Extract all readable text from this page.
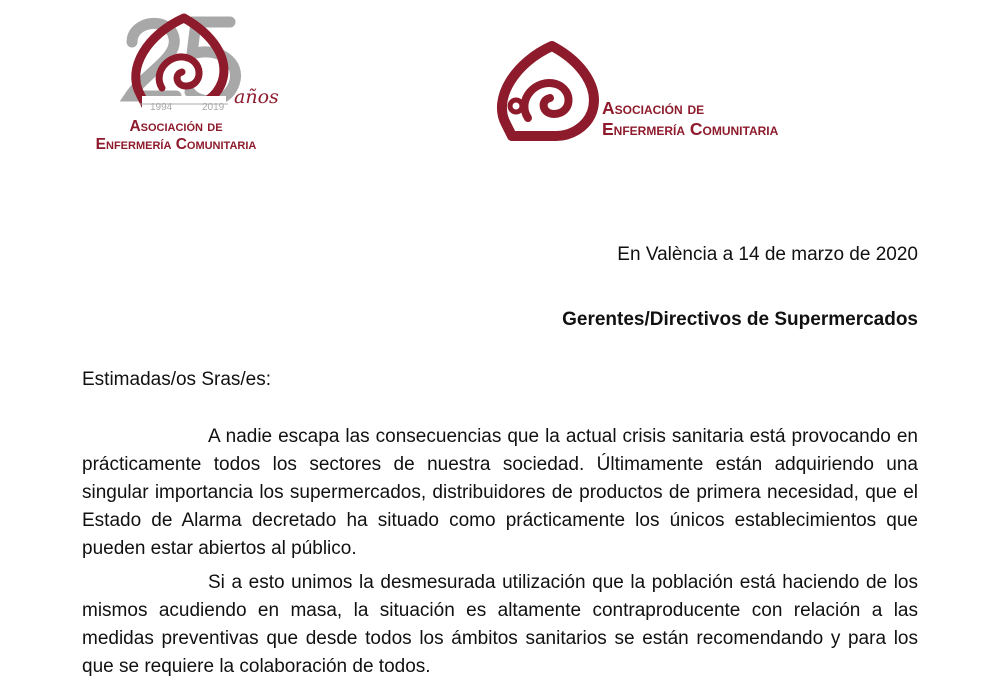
1994	2019 años
Asociación de
Enfermería Comunitaria
Asociación de
Enfermería Comunitaria
En València a 14 de marzo de 2020
Gerentes/Directivos de Supermercados
Estimadas/os Sras/es:

A nadie escapa las consecuencias que la actual crisis sanitaria está provocando en prácticamente todos los sectores de nuestra sociedad. Últimamente están adquiriendo una singular importancia los supermercados, distribuidores de productos de primera necesidad, que el Estado de Alarma decretado ha situado como prácticamente los únicos establecimientos que pueden estar abiertos al público.

Si a esto unimos la desmesurada utilización que la población está haciendo de los mismos acudiendo en masa, la situación es altamente contraproducente con relación a las medidas preventivas que desde todos los ámbitos sanitarios se están recomendando y para los que se requiere la colaboración de todos.
